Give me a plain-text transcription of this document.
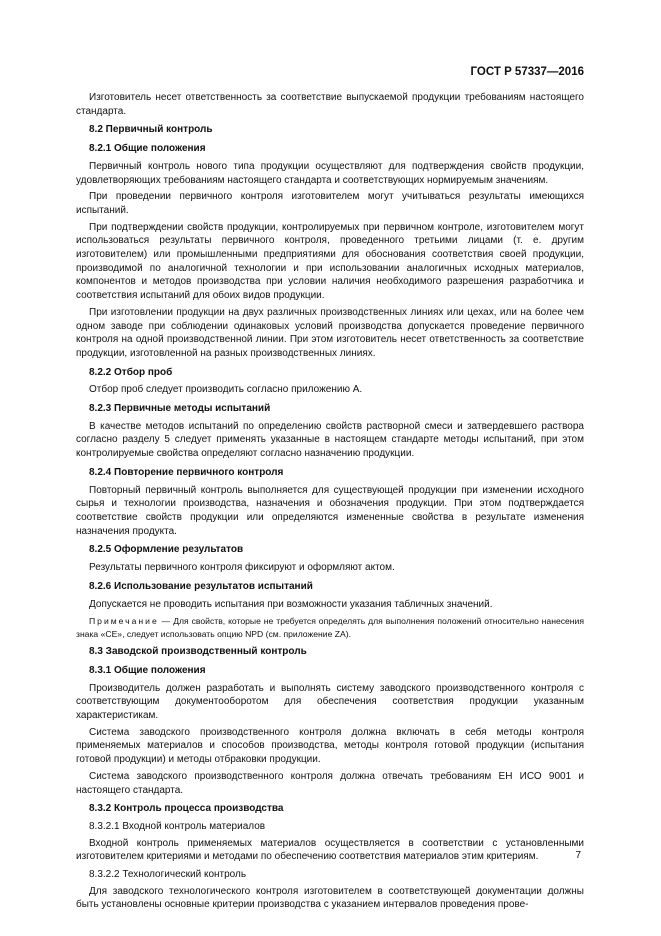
ГОСТ Р 57337—2016

Изготовитель несет ответственность за соответствие выпускаемой продукции требованиям настоящего стандарта.

8.2 Первичный контроль

8.2.1 Общие положения

Первичный контроль нового типа продукции осуществляют для подтверждения свойств продукции, удовлетворяющих требованиям настоящего стандарта и соответствующих нормируемым значениям.

При проведении первичного контроля изготовителем могут учитываться результаты имеющихся испытаний.

При подтверждении свойств продукции, контролируемых при первичном контроле, изготовителем могут использоваться результаты первичного контроля, проведенного третьими лицами (т. е. другим изготовителем) или промышленными предприятиями для обоснования соответствия своей продукции, производимой по аналогичной технологии и при использовании аналогичных исходных материалов, компонентов и методов производства при условии наличия необходимого разрешения разработчика и соответствия испытаний для обоих видов продукции.

При изготовлении продукции на двух различных производственных линиях или цехах, или на более чем одном заводе при соблюдении одинаковых условий производства допускается проведение первичного контроля на одной производственной линии. При этом изготовитель несет ответственность за соответствие продукции, изготовленной на разных производственных линиях.

8.2.2 Отбор проб

Отбор проб следует производить согласно приложению А.

8.2.3 Первичные методы испытаний

В качестве методов испытаний по определению свойств растворной смеси и затвердевшего раствора согласно разделу 5 следует применять указанные в настоящем стандарте методы испытаний, при этом контролируемые свойства определяют согласно назначению продукции.

8.2.4 Повторение первичного контроля

Повторный первичный контроль выполняется для существующей продукции при изменении исходного сырья и технологии производства, назначения и обозначения продукции. При этом подтверждается соответствие свойств продукции или определяются измененные свойства в результате изменения назначения продукта.

8.2.5 Оформление результатов

Результаты первичного контроля фиксируют и оформляют актом.

8.2.6 Использование результатов испытаний

Допускается не проводить испытания при возможности указания табличных значений.

Примечание — Для свойств, которые не требуется определять для выполнения положений относительно нанесения знака «СЕ», следует использовать опцию NPD (см. приложение ZA).

8.3 Заводской производственный контроль

8.3.1 Общие положения

Производитель должен разработать и выполнять систему заводского производственного контроля с соответствующим документооборотом для обеспечения соответствия продукции указанным характеристикам.

Система заводского производственного контроля должна включать в себя методы контроля применяемых материалов и способов производства, методы контроля готовой продукции (испытания готовой продукции) и методы отбраковки продукции.

Система заводского производственного контроля должна отвечать требованиям ЕН ИСО 9001 и настоящего стандарта.

8.3.2 Контроль процесса производства

8.3.2.1 Входной контроль материалов

Входной контроль применяемых материалов осуществляется в соответствии с установленными изготовителем критериями и методами по обеспечению соответствия материалов этим критериям.

8.3.2.2 Технологический контроль

Для заводского технологического контроля изготовителем в соответствующей документации должны быть установлены основные критерии производства с указанием интервалов проведения прове-

7
